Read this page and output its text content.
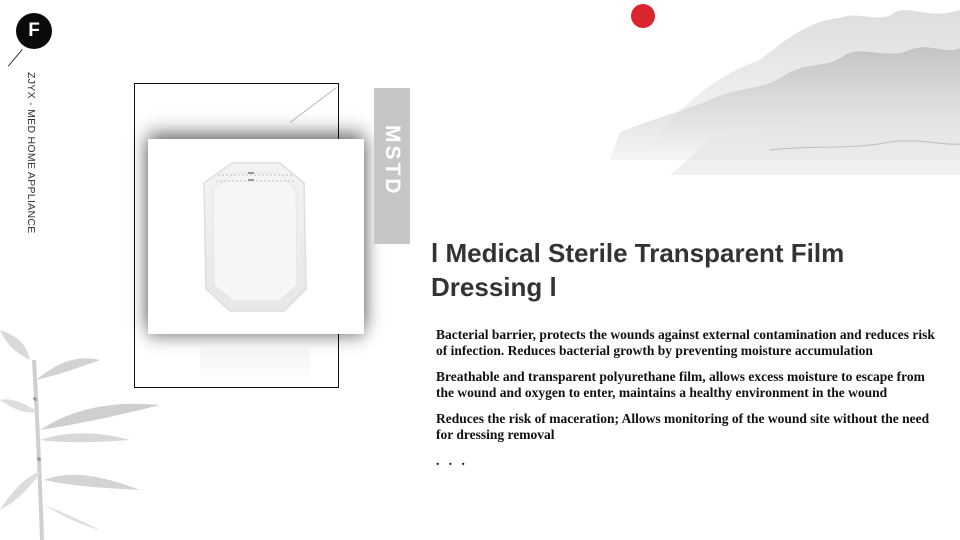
F
ZJYX - MED HOME APPLIANCE	MSTD
l Medical Sterile Transparent Film Dressing l

Bacterial barrier, protects the wounds against external contamination and reduces risk of infection. Reduces bacterial growth by preventing moisture accumulation

Breathable and transparent polyurethane film, allows excess moisture to escape from the wound and oxygen to enter, maintains a healthy environment in the wound

Reduces the risk of maceration; Allows monitoring of the wound site without the need for dressing removal

. . .
